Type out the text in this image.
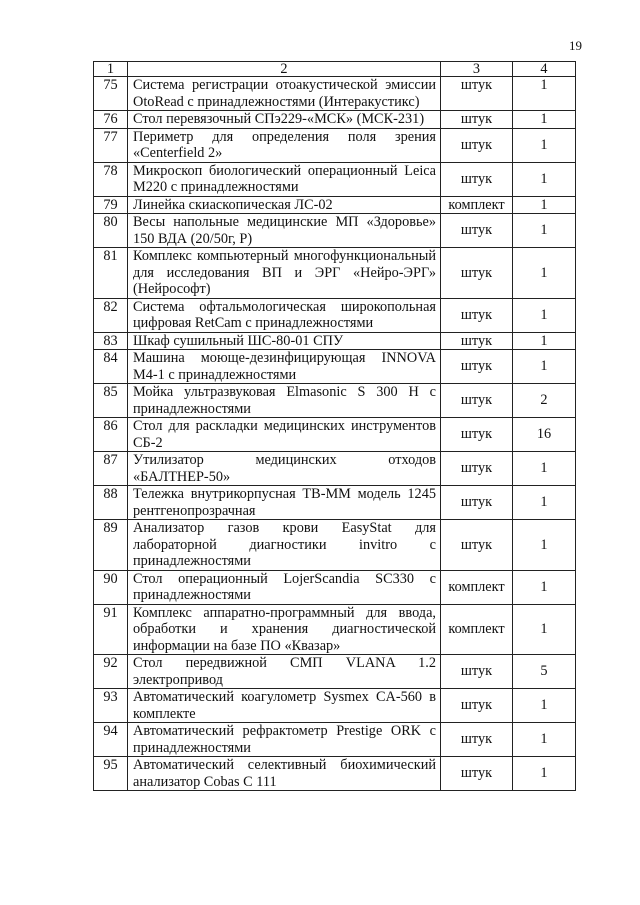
19
1	2	3	4
75	Система регистрации отоакустической эмиссии OtoRead с принадлежностями (Интеракустикс)	штук	1
76	Стол перевязочный СПэ229-«МСК» (МСК-231)	штук	1
77	Периметр для определения поля зрения «Centerfield 2»	штук	1
78	Микроскоп биологический операционный Leica M220 с принадлежностями	штук	1
79	Линейка скиаскопическая ЛС-02	комплект	1
80	Весы напольные медицинские МП «Здоровье» 150 ВДА (20/50г, Р)	штук	1
81	Комплекс компьютерный многофункциональный для исследования ВП и ЭРГ «Нейро-ЭРГ» (Нейрософт)	штук	1
82	Система офтальмологическая широкопольная цифровая RetCam с принадлежностями	штук	1
83	Шкаф сушильный ШС-80-01 СПУ	штук	1
84	Машина моюще-дезинфицирующая INNOVA M4-1 с принадлежностями	штук	1
85	Мойка ультразвуковая Elmasonic S 300 H с принадлежностями	штук	2
86	Стол для раскладки медицинских инструментов СБ-2	штук	16
87	Утилизатор медицинских отходов «БАЛТНЕР-50»	штук	1
88	Тележка внутрикорпусная ТВ-ММ модель 1245 рентгенопрозрачная	штук	1
89	Анализатор газов крови EasyStat для лабораторной диагностики invitro с принадлежностями	штук	1
90	Стол операционный LojerScandia SC330 с принадлежностями	комплект	1
91	Комплекс аппаратно-программный для ввода, обработки и хранения диагностической информации на базе ПО «Квазар»	комплект	1
92	Стол передвижной СМП VLANA 1.2 электропривод	штук	5
93	Автоматический коагулометр Sysmex CA-560 в комплекте	штук	1
94	Автоматический рефрактометр Prestige ORK с принадлежностями	штук	1
95	Автоматический селективный биохимический анализатор Cobas C 111	штук	1
